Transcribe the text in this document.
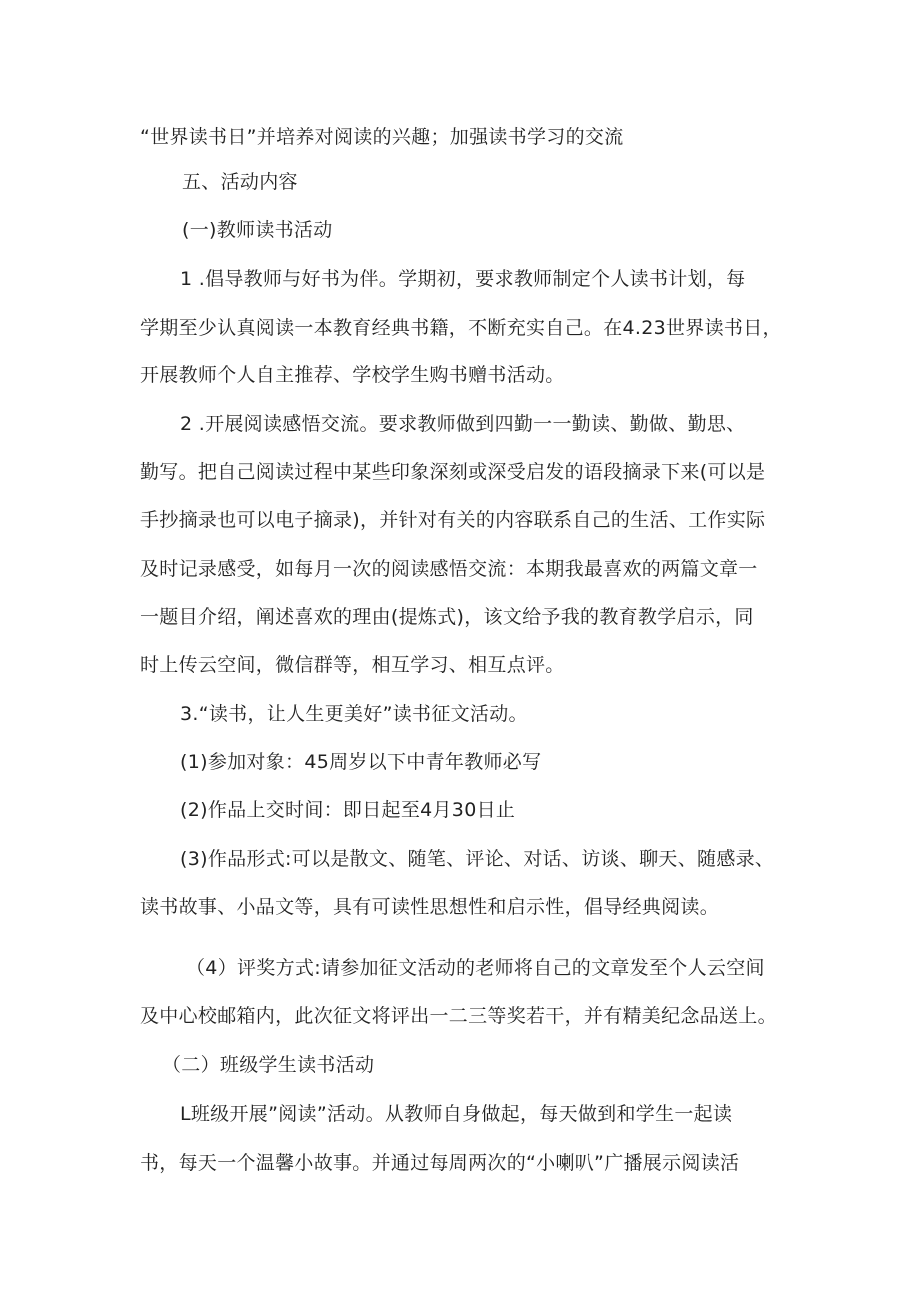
“世界读书日”并培养对阅读的兴趣；加强读书学习的交流
五、活动内容
(一)教师读书活动
1 .倡导教师与好书为伴。学期初，要求教师制定个人读书计划，每
学期至少认真阅读一本教育经典书籍，不断充实自己。在4.23世界读书日，
开展教师个人自主推荐、学校学生购书赠书活动。
2 .开展阅读感悟交流。要求教师做到四勤一一勤读、勤做、勤思、
勤写。把自己阅读过程中某些印象深刻或深受启发的语段摘录下来(可以是
手抄摘录也可以电子摘录)，并针对有关的内容联系自己的生活、工作实际
及时记录感受，如每月一次的阅读感悟交流：本期我最喜欢的两篇文章一
一题目介绍，阐述喜欢的理由(提炼式)，该文给予我的教育教学启示，同
时上传云空间，微信群等，相互学习、相互点评。
3.“读书，让人生更美好”读书征文活动。
(1)参加对象：45周岁以下中青年教师必写
(2)作品上交时间：即日起至4月30日止
(3)作品形式:可以是散文、随笔、评论、对话、访谈、聊天、随感录、
读书故事、小品文等，具有可读性思想性和启示性，倡导经典阅读。
（4）评奖方式:请参加征文活动的老师将自己的文章发至个人云空间
及中心校邮箱内，此次征文将评出一二三等奖若干，并有精美纪念品送上。
（二）班级学生读书活动
L班级开展”阅读”活动。从教师自身做起，每天做到和学生一起读
书，每天一个温馨小故事。并通过每周两次的“小喇叭”广播展示阅读活
